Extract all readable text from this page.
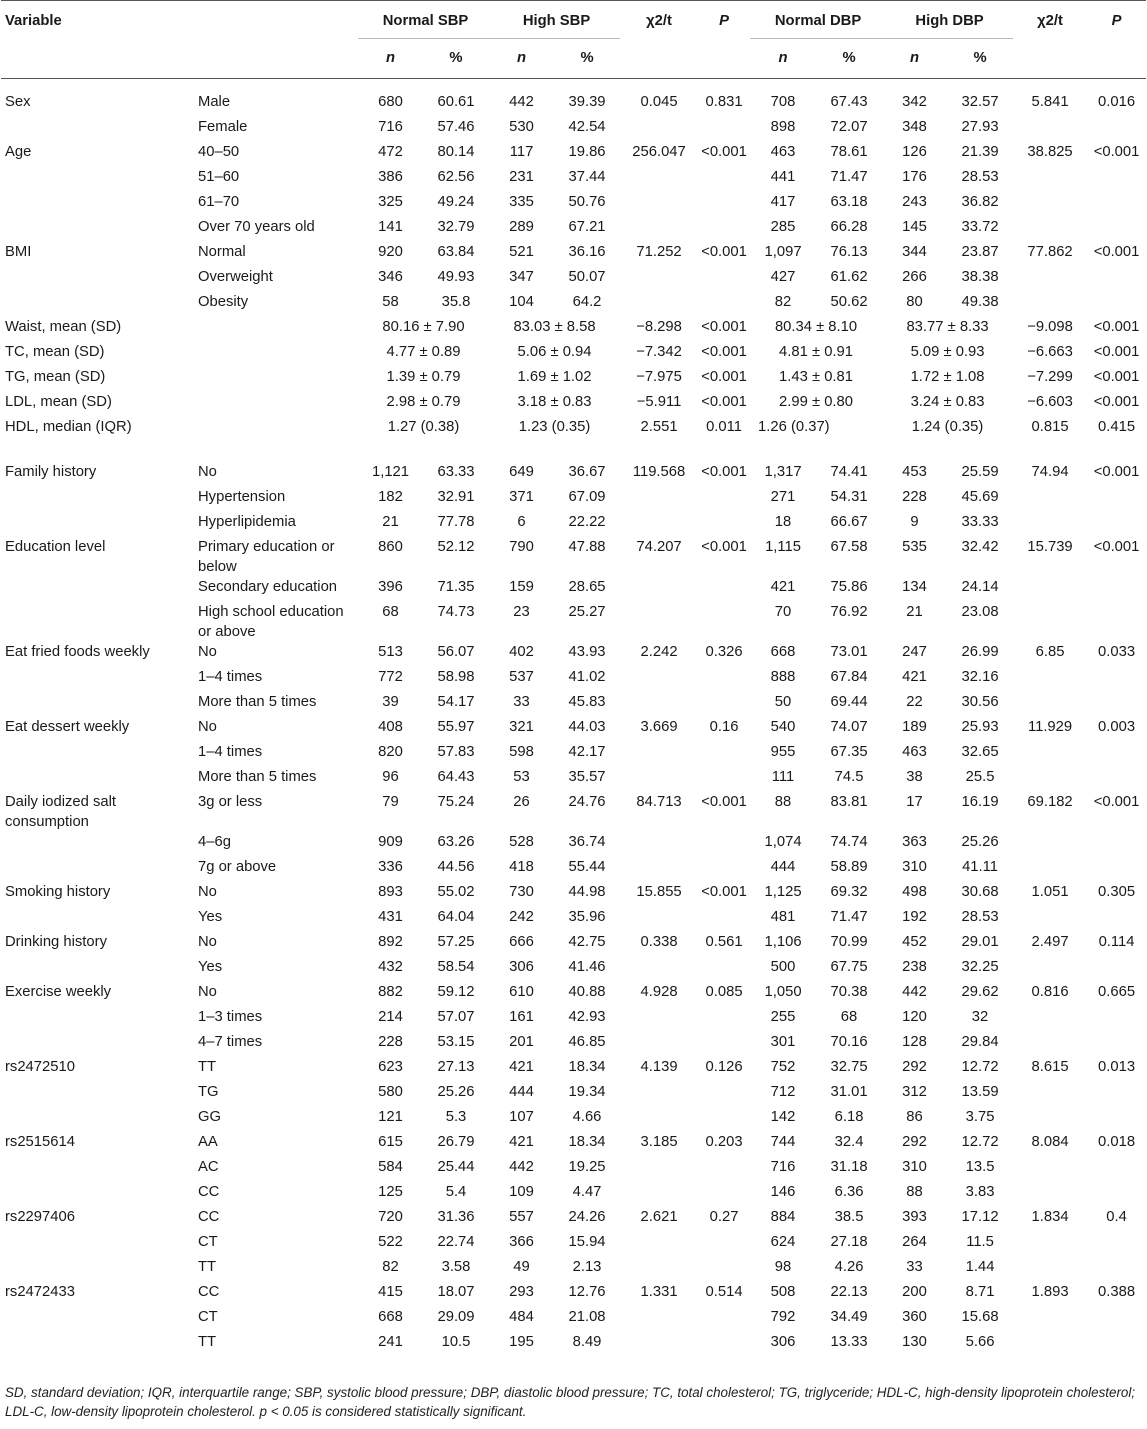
Variable		Normal SBP		High SBP		χ2/t	P	Normal DBP		High DBP		χ2/t	P
		n	%	n	%			n	%	n	%		
Sex	Male	680	60.61	442	39.39	0.045	0.831	708	67.43	342	32.57	5.841	0.016
	Female	716	57.46	530	42.54			898	72.07	348	27.93		
Age	40–50	472	80.14	117	19.86	256.047	<0.001	463	78.61	126	21.39	38.825	<0.001
	51–60	386	62.56	231	37.44			441	71.47	176	28.53		
	61–70	325	49.24	335	50.76			417	63.18	243	36.82		
	Over 70 years old	141	32.79	289	67.21			285	66.28	145	33.72		
BMI	Normal	920	63.84	521	36.16	71.252	<0.001	1,097	76.13	344	23.87	77.862	<0.001
	Overweight	346	49.93	347	50.07			427	61.62	266	38.38		
	Obesity	58	35.8	104	64.2			82	50.62	80	49.38		
Waist, mean (SD)		80.16 ± 7.90		83.03 ± 8.58		−8.298	<0.001	80.34 ± 8.10		83.77 ± 8.33		−9.098	<0.001
TC, mean (SD)		4.77 ± 0.89		5.06 ± 0.94		−7.342	<0.001	4.81 ± 0.91		5.09 ± 0.93		−6.663	<0.001
TG, mean (SD)		1.39 ± 0.79		1.69 ± 1.02		−7.975	<0.001	1.43 ± 0.81		1.72 ± 1.08		−7.299	<0.001
LDL, mean (SD)		2.98 ± 0.79		3.18 ± 0.83		−5.911	<0.001	2.99 ± 0.80		3.24 ± 0.83		−6.603	<0.001
HDL, median (IQR)		1.27 (0.38)		1.23 (0.35)		2.551	0.011	1.26 (0.37)		1.24 (0.35)		0.815	0.415
Family history	No	1,121	63.33	649	36.67	119.568	<0.001	1,317	74.41	453	25.59	74.94	<0.001
	Hypertension	182	32.91	371	67.09			271	54.31	228	45.69		
	Hyperlipidemia	21	77.78	6	22.22			18	66.67	9	33.33		
Education level	Primary education or below	860	52.12	790	47.88	74.207	<0.001	1,115	67.58	535	32.42	15.739	<0.001
	Secondary education	396	71.35	159	28.65			421	75.86	134	24.14		
	High school education or above	68	74.73	23	25.27			70	76.92	21	23.08		
Eat fried foods weekly	No	513	56.07	402	43.93	2.242	0.326	668	73.01	247	26.99	6.85	0.033
	1–4 times	772	58.98	537	41.02			888	67.84	421	32.16		
	More than 5 times	39	54.17	33	45.83			50	69.44	22	30.56		
Eat dessert weekly	No	408	55.97	321	44.03	3.669	0.16	540	74.07	189	25.93	11.929	0.003
	1–4 times	820	57.83	598	42.17			955	67.35	463	32.65		
	More than 5 times	96	64.43	53	35.57			111	74.5	38	25.5		
Daily iodized salt consumption	3g or less	79	75.24	26	24.76	84.713	<0.001	88	83.81	17	16.19	69.182	<0.001
	4–6g	909	63.26	528	36.74			1,074	74.74	363	25.26		
	7g or above	336	44.56	418	55.44			444	58.89	310	41.11		
Smoking history	No	893	55.02	730	44.98	15.855	<0.001	1,125	69.32	498	30.68	1.051	0.305
	Yes	431	64.04	242	35.96			481	71.47	192	28.53		
Drinking history	No	892	57.25	666	42.75	0.338	0.561	1,106	70.99	452	29.01	2.497	0.114
	Yes	432	58.54	306	41.46			500	67.75	238	32.25		
Exercise weekly	No	882	59.12	610	40.88	4.928	0.085	1,050	70.38	442	29.62	0.816	0.665
	1–3 times	214	57.07	161	42.93			255	68	120	32		
	4–7 times	228	53.15	201	46.85			301	70.16	128	29.84		
rs2472510	TT	623	27.13	421	18.34	4.139	0.126	752	32.75	292	12.72	8.615	0.013
	TG	580	25.26	444	19.34			712	31.01	312	13.59		
	GG	121	5.3	107	4.66			142	6.18	86	3.75		
rs2515614	AA	615	26.79	421	18.34	3.185	0.203	744	32.4	292	12.72	8.084	0.018
	AC	584	25.44	442	19.25			716	31.18	310	13.5		
	CC	125	5.4	109	4.47			146	6.36	88	3.83		
rs2297406	CC	720	31.36	557	24.26	2.621	0.27	884	38.5	393	17.12	1.834	0.4
	CT	522	22.74	366	15.94			624	27.18	264	11.5		
	TT	82	3.58	49	2.13			98	4.26	33	1.44		
rs2472433	CC	415	18.07	293	12.76	1.331	0.514	508	22.13	200	8.71	1.893	0.388
	CT	668	29.09	484	21.08			792	34.49	360	15.68		
	TT	241	10.5	195	8.49			306	13.33	130	5.66		
SD, standard deviation; IQR, interquartile range; SBP, systolic blood pressure; DBP, diastolic blood pressure; TC, total cholesterol; TG, triglyceride; HDL-C, high-density lipoprotein cholesterol; LDL-C, low-density lipoprotein cholesterol. p < 0.05 is considered statistically significant.
